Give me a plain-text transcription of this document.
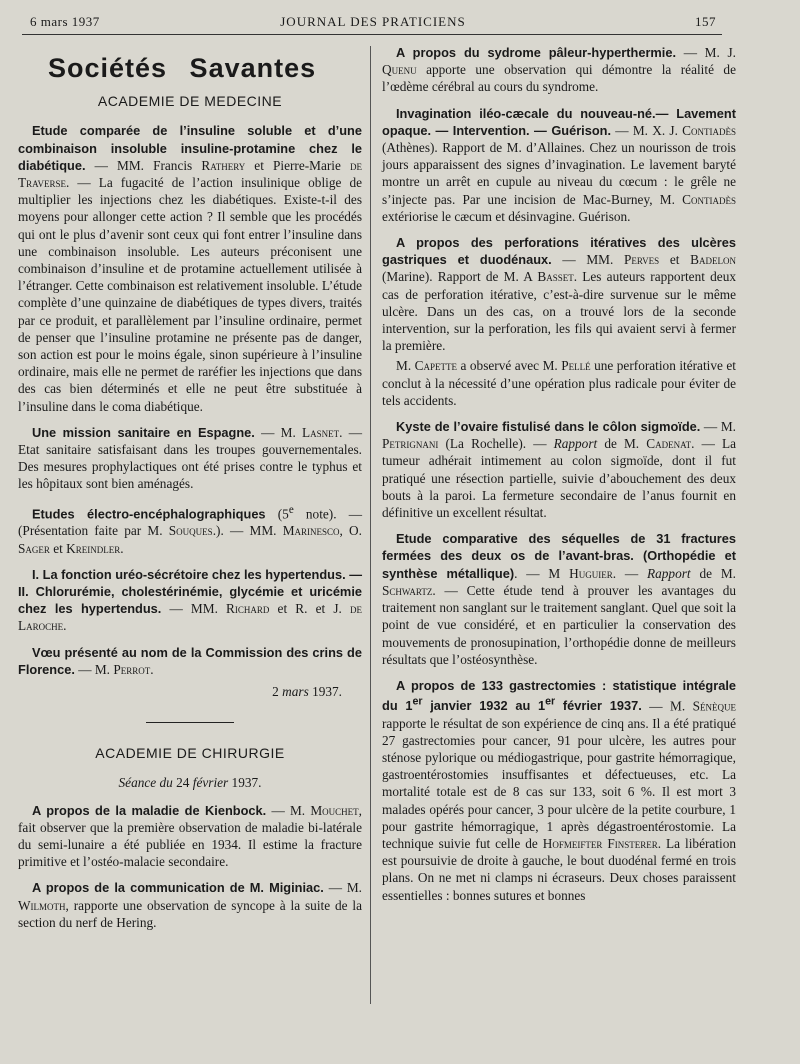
6 mars 1937	JOURNAL DES PRATICIENS	157
Sociétés Savantes
ACADEMIE DE MEDECINE

Etude comparée de l’insuline soluble et d’une combinaison insoluble insuline-protamine chez le diabétique. — MM. Francis Rathery et Pierre-Marie de Traverse. — La fugacité de l’action insulinique oblige de multiplier les injections chez les diabétiques. Existe-t-il des moyens pour allonger cette action ? Il semble que les procédés qui ont le plus d’avenir sont ceux qui font entrer l’insuline dans une combinaison insoluble. Les auteurs préconisent une combinaison d’insuline et de protamine actuellement utilisée à l’étranger. Cette combinaison est relativement insoluble. L’étude complète d’une quinzaine de diabétiques de types divers, traités par ce produit, et parallèlement par l’insuline ordinaire, permet de penser que l’insuline protamine ne présente pas de danger, son action est pour le moins égale, sinon supérieure à l’insuline ordinaire, mais elle ne permet de raréfier les injections que dans des cas bien déterminés et elle ne peut être substituée à l’insuline dans le coma diabétique.

Une mission sanitaire en Espagne. — M. Lasnet. — Etat sanitaire satisfaisant dans les troupes gouvernementales. Des mesures prophylactiques ont été prises contre le typhus et les hôpitaux sont bien aménagés.

Etudes électro-encéphalographiques (5e note). — (Présentation faite par M. Souques.). — MM. Marinesco, O. Sager et Kreindler.

I. La fonction uréo-sécrétoire chez les hypertendus. — II. Chlorurémie, cholestérinémie, glycémie et uricémie chez les hypertendus. — MM. Richard et R. et J. de Laroche.

Vœu présenté au nom de la Commission des crins de Florence. — M. Perrot.

2 mars 1937.
ACADEMIE DE CHIRURGIE
Séance du 24 février 1937.

A propos de la maladie de Kienbock. — M. Mouchet, fait observer que la première observation de maladie bi-latérale du semi-lunaire a été publiée en 1934. Il estime la fracture primitive et l’ostéo-malacie secondaire.

A propos de la communication de M. Miginiac. — M. Wilmoth, rapporte une observation de syncope à la suite de la section du nerf de Hering.

A propos du sydrome pâleur-hyperthermie. — M. J. Quenu apporte une observation qui démontre la réalité de l’œdème cérébral au cours du syndrome.

Invagination iléo-cæcale du nouveau-né.— Lavement opaque. — Intervention. — Guérison. — M. X. J. Contiadès (Athènes). Rapport de M. d’Allaines. Chez un nourisson de trois jours apparaissent des signes d’invagination. Le lavement baryté montre un arrêt en cupule au niveau du cœcum : le grêle ne s’injecte pas. Par une incision de Mac-Burney, M. Contiadès extériorise le cæcum et désinvagine. Guérison.

A propos des perforations itératives des ulcères gastriques et duodénaux. — MM. Perves et Badelon (Marine). Rapport de M. A Basset. Les auteurs rapportent deux cas de perforation itérative, c’est-à-dire survenue sur le même ulcère. Dans un des cas, on a trouvé lors de la seconde intervention, sur la perforation, les fils qui avaient servi à fermer la première.

M. Capette a observé avec M. Pellé une perforation itérative et conclut à la nécessité d’une opération plus radicale pour éviter de tels accidents.

Kyste de l’ovaire fistulisé dans le côlon sigmoïde. — M. Petrignani (La Rochelle). — Rapport de M. Cadenat. — La tumeur adhérait intimement au colon sigmoïde, dont il fut pratiqué une résection partielle, suivie d’abouchement des deux bouts à la paroi. La fermeture secondaire de l’anus fournit en définitive un excellent résultat.

Etude comparative des séquelles de 31 fractures fermées des deux os de l’avant-bras. (Orthopédie et synthèse métallique). — M Huguier. — Rapport de M. Schwartz. — Cette étude tend à prouver les avantages du traitement non sanglant sur le traitement sanglant. Quel que soit la point de vue considéré, et en particulier la conservation des mouvements de pronosupination, l’orthopédie donne de meilleurs résultats que l’ostéosynthèse.

A propos de 133 gastrectomies : statistique intégrale du 1er janvier 1932 au 1er février 1937. — M. Sénèque rapporte le résultat de son expérience de cinq ans. Il a été pratiqué 27 gastrectomies pour cancer, 91 pour ulcère, les autres pour sténose pylorique ou médiogastrique, pour gastrite hémorragique, gastroentérostomies insuffisantes et défectueuses, etc. La mortalité totale est de 8 cas sur 133, soit 6 %. Il est mort 3 malades opérés pour cancer, 3 pour ulcère de la petite courbure, 1 pour gastrite hémorragique, 1 après dégastroentérostomie. La technique suivie fut celle de Hofmeifter Finsterer. La libération est poursuivie de droite à gauche, le bout duodénal fermé en trois plans. On ne met ni clamps ni écraseurs. Deux choses paraissent essentielles : bonnes sutures et bonnes
